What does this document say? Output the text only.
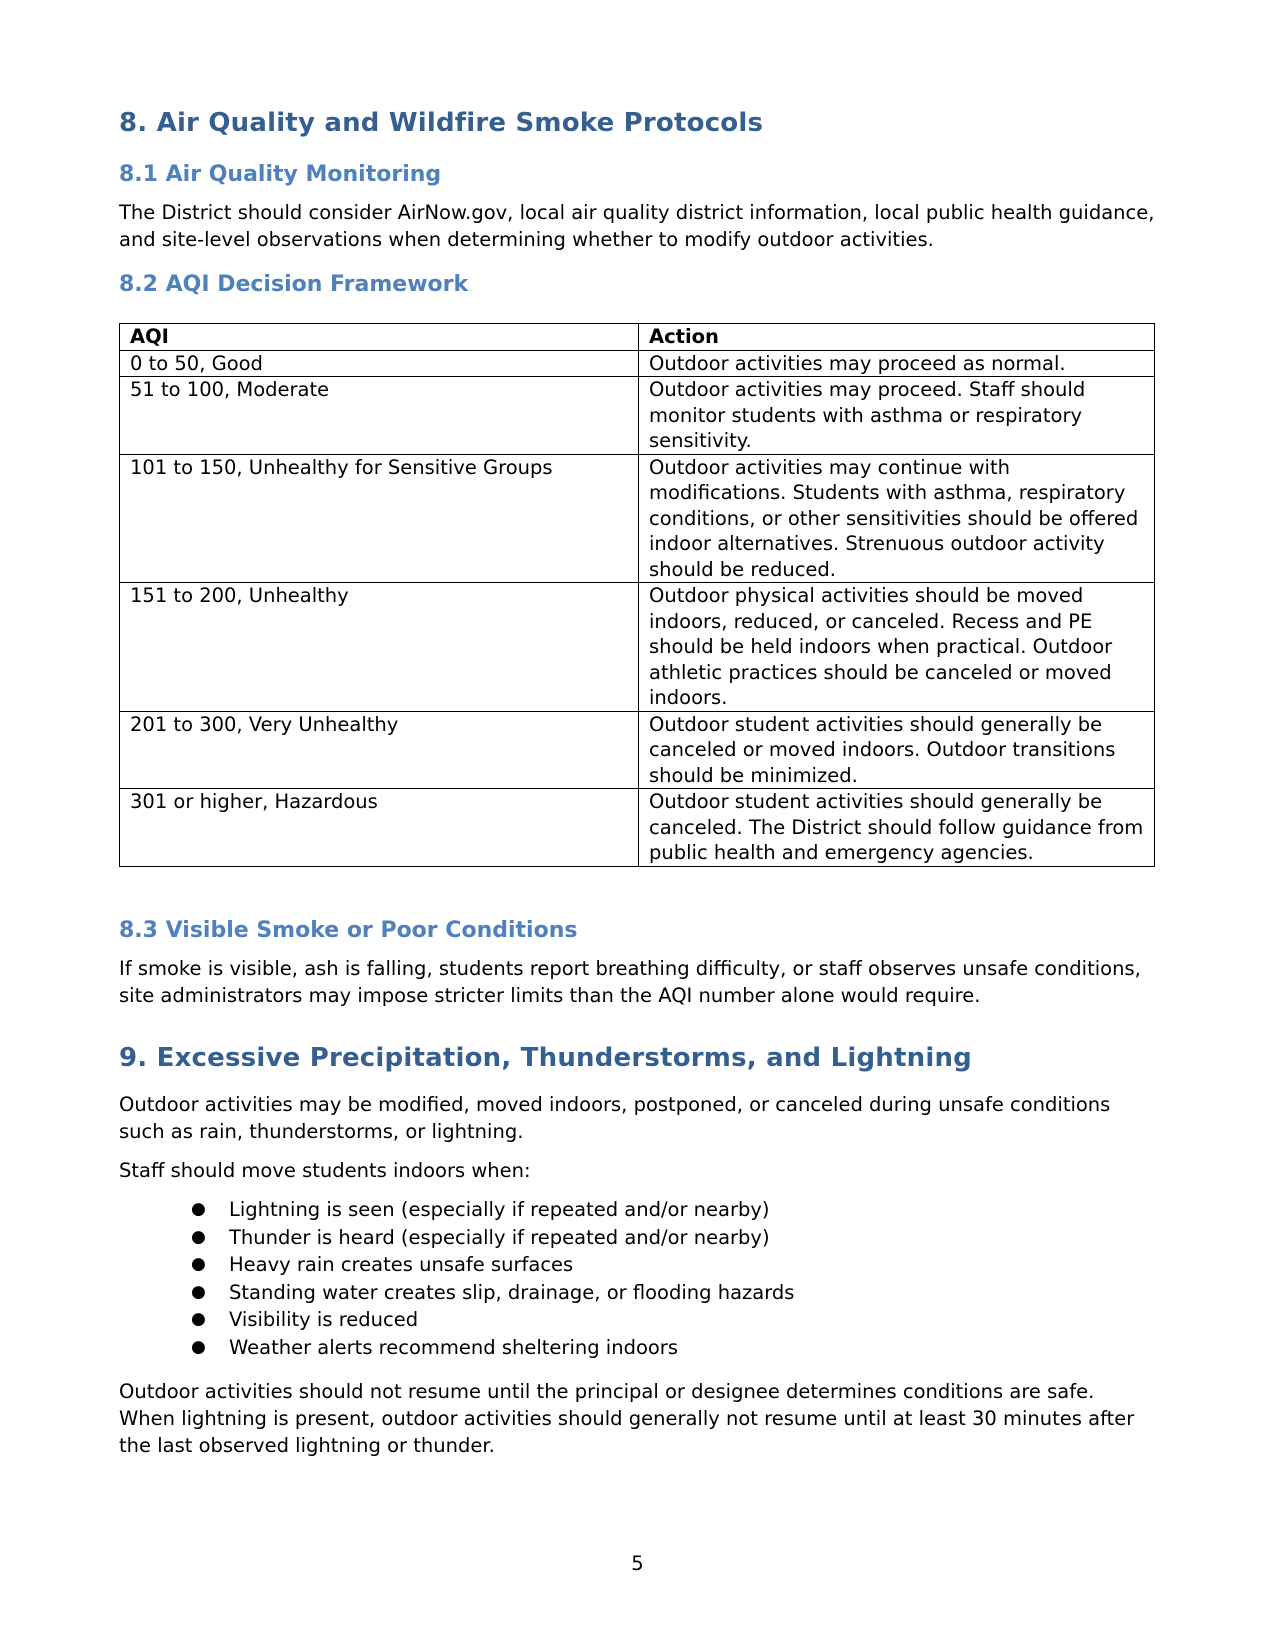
8. Air Quality and Wildfire Smoke Protocols
8.1 Air Quality Monitoring

The District should consider AirNow.gov, local air quality district information, local public health guidance, and site-level observations when determining whether to modify outdoor activities.

8.2 AQI Decision Framework
AQI	Action
0 to 50, Good	Outdoor activities may proceed as normal.
51 to 100, Moderate	Outdoor activities may proceed. Staff should monitor students with asthma or respiratory sensitivity.
101 to 150, Unhealthy for Sensitive Groups	Outdoor activities may continue with modifications. Students with asthma, respiratory conditions, or other sensitivities should be offered indoor alternatives. Strenuous outdoor activity should be reduced.
151 to 200, Unhealthy	Outdoor physical activities should be moved indoors, reduced, or canceled. Recess and PE should be held indoors when practical. Outdoor athletic practices should be canceled or moved indoors.
201 to 300, Very Unhealthy	Outdoor student activities should generally be canceled or moved indoors. Outdoor transitions should be minimized.
301 or higher, Hazardous	Outdoor student activities should generally be canceled. The District should follow guidance from public health and emergency agencies.
8.3 Visible Smoke or Poor Conditions

If smoke is visible, ash is falling, students report breathing difficulty, or staff observes unsafe conditions, site administrators may impose stricter limits than the AQI number alone would require.

9. Excessive Precipitation, Thunderstorms, and Lightning

Outdoor activities may be modified, moved indoors, postponed, or canceled during unsafe conditions such as rain, thunderstorms, or lightning.

Staff should move students indoors when:

● Lightning is seen (especially if repeated and/or nearby)
● Thunder is heard (especially if repeated and/or nearby)
● Heavy rain creates unsafe surfaces
● Standing water creates slip, drainage, or flooding hazards
● Visibility is reduced
● Weather alerts recommend sheltering indoors

Outdoor activities should not resume until the principal or designee determines conditions are safe. When lightning is present, outdoor activities should generally not resume until at least 30 minutes after the last observed lightning or thunder.

5
